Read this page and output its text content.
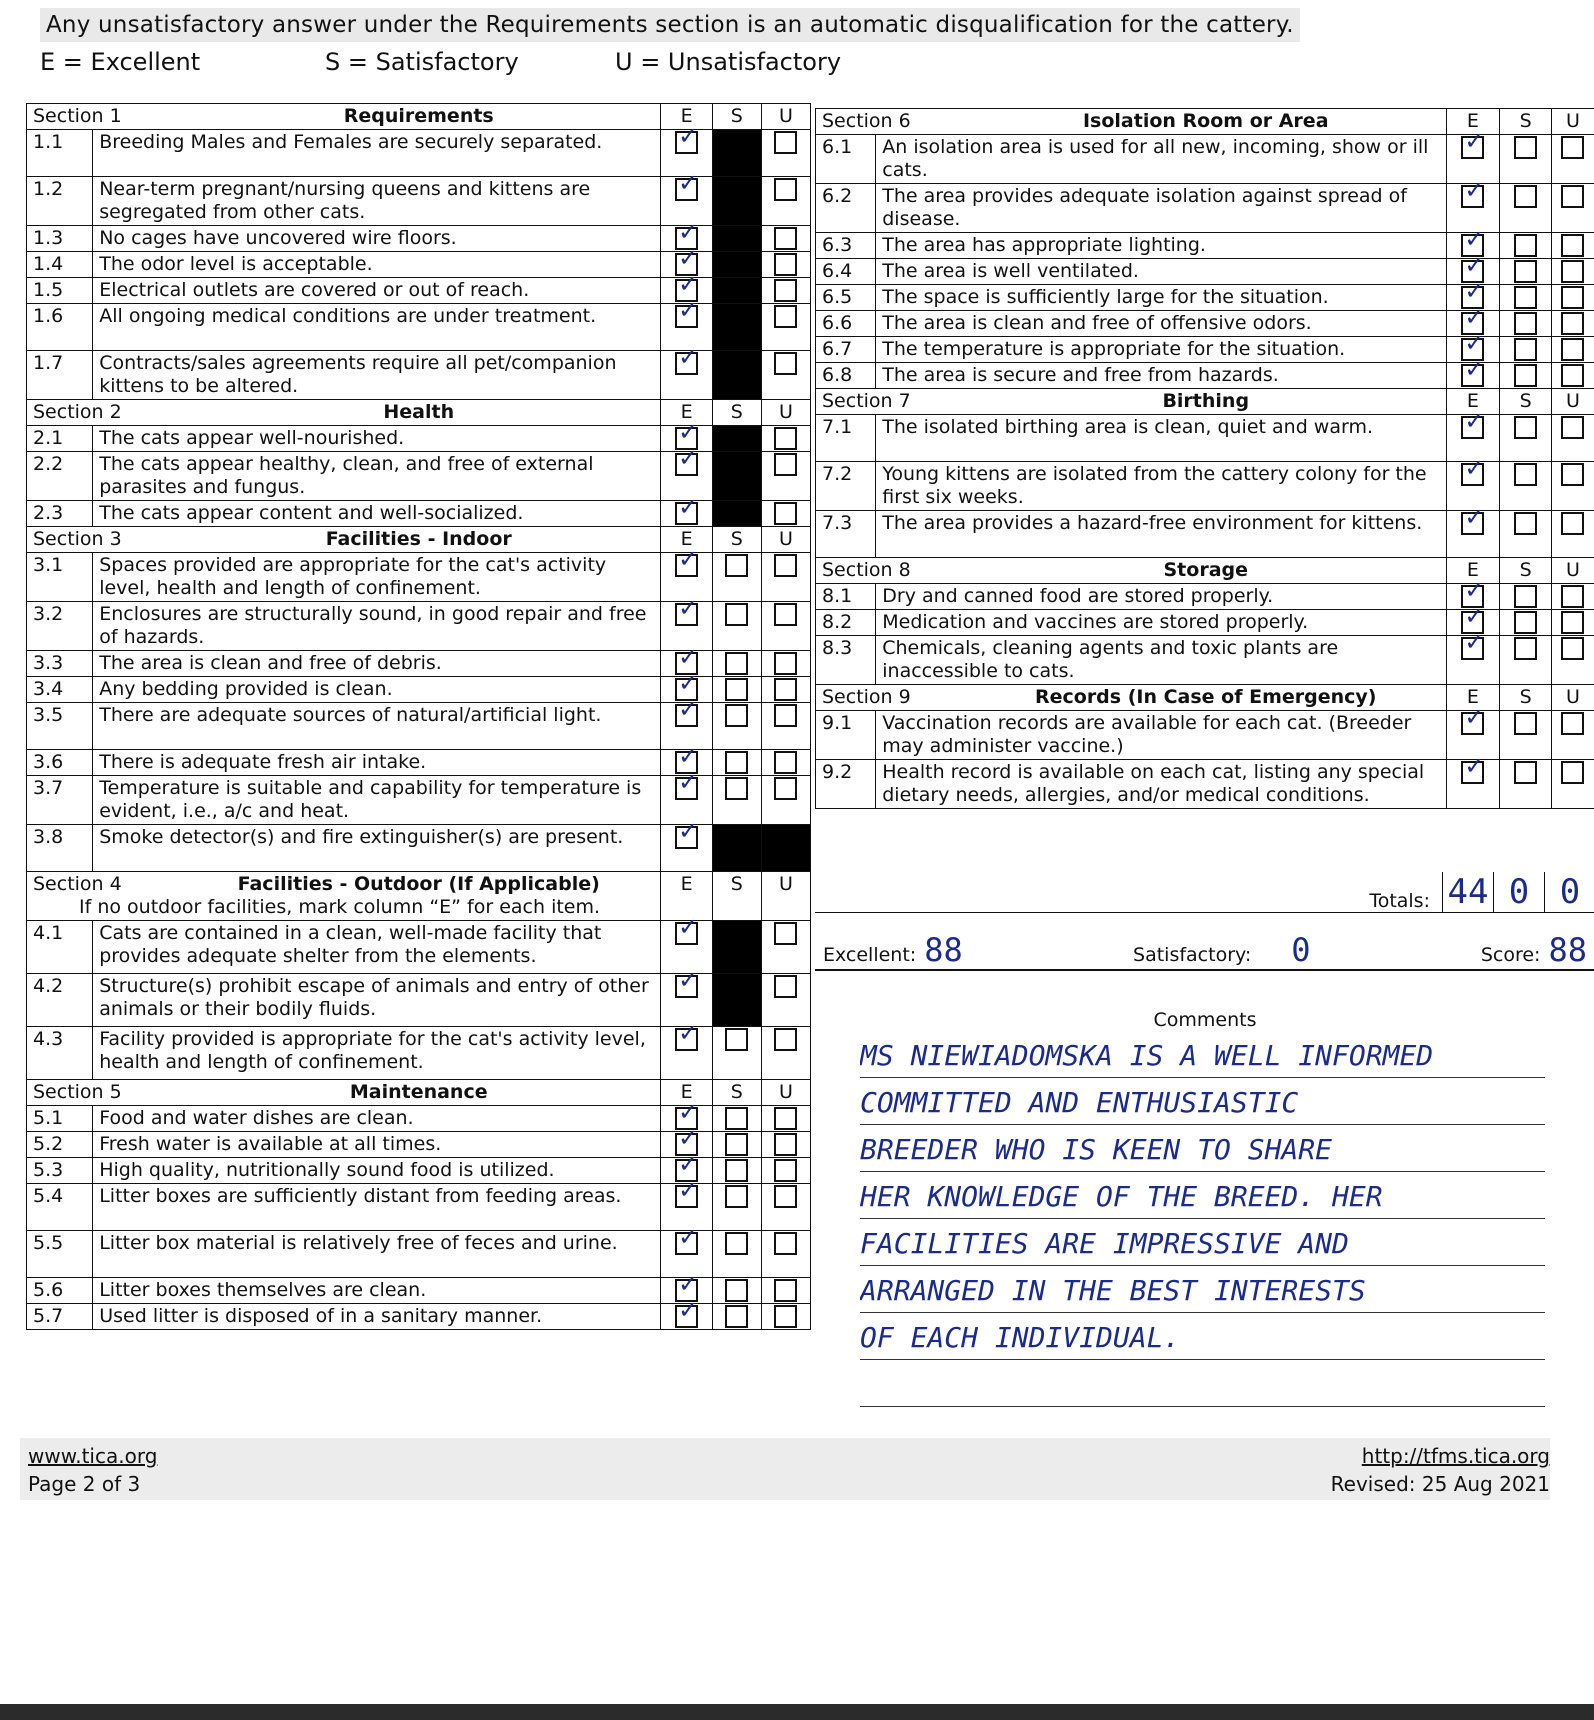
Any unsatisfactory answer under the Requirements section is an automatic disqualification for the cattery.
E = Excellent	S = Satisfactory	U = Unsatisfactory
Section 1 Requirements		E	S	U
1.1	Breeding Males and Females are securely separated.	✓		
1.2	Near-term pregnant/nursing queens and kittens are segregated from other cats.	✓		
1.3	No cages have uncovered wire floors.	✓		
1.4	The odor level is acceptable.	✓		
1.5	Electrical outlets are covered or out of reach.	✓		
1.6	All ongoing medical conditions are under treatment.	✓		
1.7	Contracts/sales agreements require all pet/companion kittens to be altered.	✓		

Section 2 Health		E	S	U
2.1	The cats appear well-nourished.	✓		
2.2	The cats appear healthy, clean, and free of external parasites and fungus.	✓		
2.3	The cats appear content and well-socialized.	✓		

Section 3 Facilities - Indoor		E	S	U
3.1	Spaces provided are appropriate for the cat's activity level, health and length of confinement.	✓		
3.2	Enclosures are structurally sound, in good repair and free of hazards.	✓		
3.3	The area is clean and free of debris.	✓		
3.4	Any bedding provided is clean.	✓		
3.5	There are adequate sources of natural/artificial light.	✓		
3.6	There is adequate fresh air intake.	✓		
3.7	Temperature is suitable and capability for temperature is evident, i.e., a/c and heat.	✓		
3.8	Smoke detector(s) and fire extinguisher(s) are present.	✓		

Section 4 Facilities - Outdoor (If Applicable)
If no outdoor facilities, mark column “E” for each item.		E	S	U
4.1	Cats are contained in a clean, well-made facility that provides adequate shelter from the elements.	✓		
4.2	Structure(s) prohibit escape of animals and entry of other animals or their bodily fluids.	✓		
4.3	Facility provided is appropriate for the cat's activity level, health and length of confinement.	✓		

Section 5 Maintenance		E	S	U
5.1	Food and water dishes are clean.	✓		
5.2	Fresh water is available at all times.	✓		
5.3	High quality, nutritionally sound food is utilized.	✓		
5.4	Litter boxes are sufficiently distant from feeding areas.	✓		
5.5	Litter box material is relatively free of feces and urine.	✓		
5.6	Litter boxes themselves are clean.	✓		
5.7	Used litter is disposed of in a sanitary manner.	✓		
Section 6 Isolation Room or Area		E	S	U
6.1	An isolation area is used for all new, incoming, show or ill cats.	✓		
6.2	The area provides adequate isolation against spread of disease.	✓		
6.3	The area has appropriate lighting.	✓		
6.4	The area is well ventilated.	✓		
6.5	The space is sufficiently large for the situation.	✓		
6.6	The area is clean and free of offensive odors.	✓		
6.7	The temperature is appropriate for the situation.	✓		
6.8	The area is secure and free from hazards.	✓		

Section 7 Birthing		E	S	U
7.1	The isolated birthing area is clean, quiet and warm.	✓		
7.2	Young kittens are isolated from the cattery colony for the first six weeks.	✓		
7.3	The area provides a hazard-free environment for kittens.	✓		

Section 8 Storage		E	S	U
8.1	Dry and canned food are stored properly.	✓		
8.2	Medication and vaccines are stored properly.	✓		
8.3	Chemicals, cleaning agents and toxic plants are inaccessible to cats.	✓		

Section 9 Records (In Case of Emergency)		E	S	U
9.1	Vaccination records are available for each cat. (Breeder may administer vaccine.)	✓		
9.2	Health record is available on each cat, listing any special dietary needs, allergies, and/or medical conditions.	✓		
Totals: 44 0 0
Excellent: 88	Satisfactory: 0	Score: 88
Comments
MS NIEWIADOMSKA IS A WELL INFORMED
COMMITTED AND ENTHUSIASTIC
BREEDER WHO IS KEEN TO SHARE
HER KNOWLEDGE OF THE BREED. HER
FACILITIES ARE IMPRESSIVE AND
ARRANGED IN THE BEST INTERESTS
OF EACH INDIVIDUAL.
www.tica.org
Page 2 of 3
http://tfms.tica.org
Revised: 25 Aug 2021
